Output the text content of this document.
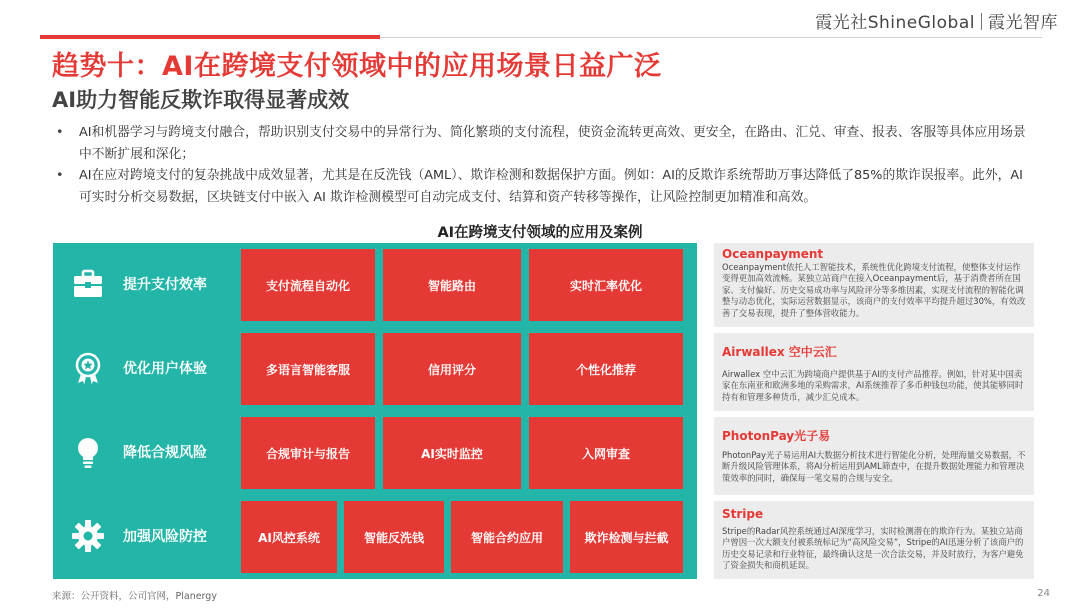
霞光社ShineGlobal 霞光智库
趋势十：AI在跨境支付领域中的应用场景日益广泛
AI助力智能反欺诈取得显著成效
• AI和机器学习与跨境支付融合，帮助识别支付交易中的异常行为、简化繁琐的支付流程，使资金流转更高效、更安全，在路由、汇兑、审查、报表、客服等具体应用场景中不断扩展和深化；
• AI在应对跨境支付的复杂挑战中成效显著，尤其是在反洗钱（AML）、欺诈检测和数据保护方面。例如：AI的反欺诈系统帮助万事达降低了85%的欺诈误报率。此外，AI可实时分析交易数据，区块链支付中嵌入 AI 欺诈检测模型可自动完成支付、结算和资产转移等操作，让风险控制更加精准和高效。
AI在跨境支付领域的应用及案例
提升支付效率	支付流程自动化	智能路由	实时汇率优化
优化用户体验	多语言智能客服	信用评分	个性化推荐
降低合规风险	合规审计与报告	AI实时监控	入网审查
加强风险防控	AI风控系统	智能反洗钱	智能合约应用	欺诈检测与拦截
Oceanpayment
Oceanpayment依托人工智能技术，系统性优化跨境支付流程，使整体支付运作变得更加高效流畅。某独立站商户在接入Oceanpayment后，基于消费者所在国家、支付偏好、历史交易成功率与风险评分等多维因素，实现支付流程的智能化调整与动态优化，实际运营数据显示，该商户的支付效率平均提升超过30%，有效改善了交易表现，提升了整体营收能力。
Airwallex 空中云汇
Airwallex 空中云汇为跨境商户提供基于AI的支付产品推荐。例如，针对某中国卖家在东南亚和欧洲多地的采购需求，AI系统推荐了多币种钱包功能，使其能够同时持有和管理多种货币，减少汇兑成本。
PhotonPay光子易
PhotonPay光子易运用AI大数据分析技术进行智能化分析，处理海量交易数据，不断升级风险管理体系，将AI分析运用到AML筛查中，在提升数据处理能力和管理决策效率的同时，确保每一笔交易的合规与安全。
Stripe
Stripe的Radar风控系统通过AI深度学习，实时检测潜在的欺诈行为。某独立站商户曾因一次大额支付被系统标记为“高风险交易”，Stripe的AI迅速分析了该商户的历史交易记录和行业特征，最终确认这是一次合法交易，并及时放行，为客户避免了资金损失和商机延误。
来源：公开资料，公司官网，Planergy	24
